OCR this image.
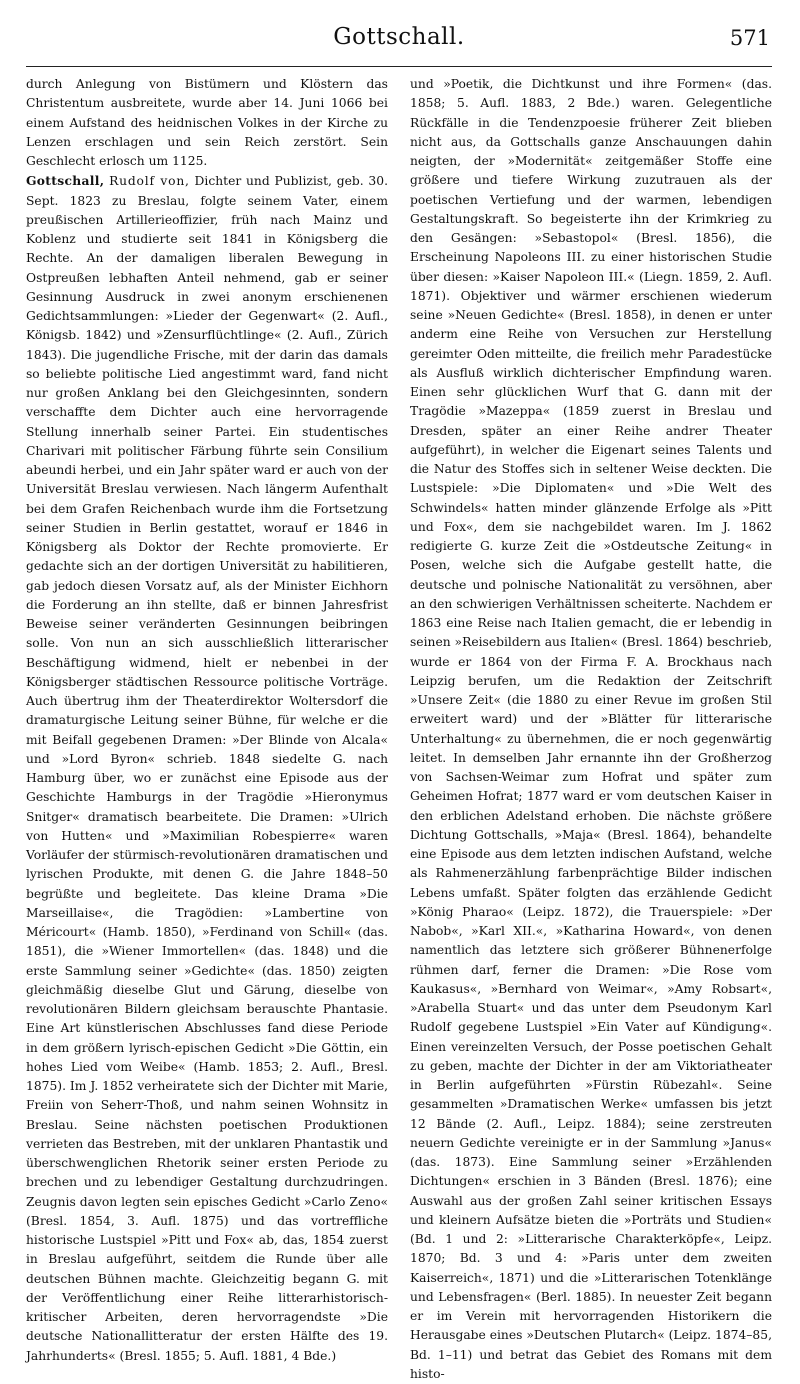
Gottschall.	571

durch Anlegung von Bistümern und Klöstern das Christentum ausbreitete, wurde aber 14. Juni 1066 bei einem Aufstand des heidnischen Volkes in der Kirche zu Lenzen erschlagen und sein Reich zerstört. Sein Geschlecht erlosch um 1125.

Gottschall, Rudolf von, Dichter und Publizist, geb. 30. Sept. 1823 zu Breslau, folgte seinem Vater, einem preußischen Artillerieoffizier, früh nach Mainz und Koblenz und studierte seit 1841 in Königsberg die Rechte. An der damaligen liberalen Bewegung in Ostpreußen lebhaften Anteil nehmend, gab er seiner Gesinnung Ausdruck in zwei anonym erschienenen Gedichtsammlungen: »Lieder der Gegenwart« (2. Aufl., Königsb. 1842) und »Zensurflüchtlinge« (2. Aufl., Zürich 1843). Die jugendliche Frische, mit der darin das damals so beliebte politische Lied angestimmt ward, fand nicht nur großen Anklang bei den Gleichgesinnten, sondern verschaffte dem Dichter auch eine hervorragende Stellung innerhalb seiner Partei. Ein studentisches Charivari mit politischer Färbung führte sein Consilium abeundi herbei, und ein Jahr später ward er auch von der Universität Breslau verwiesen. Nach längerm Aufenthalt bei dem Grafen Reichenbach wurde ihm die Fortsetzung seiner Studien in Berlin gestattet, worauf er 1846 in Königsberg als Doktor der Rechte promovierte. Er gedachte sich an der dortigen Universität zu habilitieren, gab jedoch diesen Vorsatz auf, als der Minister Eichhorn die Forderung an ihn stellte, daß er binnen Jahresfrist Beweise seiner veränderten Gesinnungen beibringen solle. Von nun an sich ausschließlich litterarischer Beschäftigung widmend, hielt er nebenbei in der Königsberger städtischen Ressource politische Vorträge. Auch übertrug ihm der Theaterdirektor Woltersdorf die dramaturgische Leitung seiner Bühne, für welche er die mit Beifall gegebenen Dramen: »Der Blinde von Alcala« und »Lord Byron« schrieb. 1848 siedelte G. nach Hamburg über, wo er zunächst eine Episode aus der Geschichte Hamburgs in der Tragödie »Hieronymus Snitger« dramatisch bearbeitete. Die Dramen: »Ulrich von Hutten« und »Maximilian Robespierre« waren Vorläufer der stürmisch-revolutionären dramatischen und lyrischen Produkte, mit denen G. die Jahre 1848–50 begrüßte und begleitete. Das kleine Drama »Die Marseillaise«, die Tragödien: »Lambertine von Méricourt« (Hamb. 1850), »Ferdinand von Schill« (das. 1851), die »Wiener Immortellen« (das. 1848) und die erste Sammlung seiner »Gedichte« (das. 1850) zeigten gleichmäßig dieselbe Glut und Gärung, dieselbe von revolutionären Bildern gleichsam berauschte Phantasie. Eine Art künstlerischen Abschlusses fand diese Periode in dem größern lyrisch-epischen Gedicht »Die Göttin, ein hohes Lied vom Weibe« (Hamb. 1853; 2. Aufl., Bresl. 1875). Im J. 1852 verheiratete sich der Dichter mit Marie, Freiin von Seherr-Thoß, und nahm seinen Wohnsitz in Breslau. Seine nächsten poetischen Produktionen verrieten das Bestreben, mit der unklaren Phantastik und überschwenglichen Rhetorik seiner ersten Periode zu brechen und zu lebendiger Gestaltung durchzudringen. Zeugnis davon legten sein episches Gedicht »Carlo Zeno« (Bresl. 1854, 3. Aufl. 1875) und das vortreffliche historische Lustspiel »Pitt und Fox« ab, das, 1854 zuerst in Breslau aufgeführt, seitdem die Runde über alle deutschen Bühnen machte. Gleichzeitig begann G. mit der Veröffentlichung einer Reihe litterarhistorisch-kritischer Arbeiten, deren hervorragendste »Die deutsche Nationallitteratur der ersten Hälfte des 19. Jahrhunderts« (Bresl. 1855; 5. Aufl. 1881, 4 Bde.)

und »Poetik, die Dichtkunst und ihre Formen« (das. 1858; 5. Aufl. 1883, 2 Bde.) waren. Gelegentliche Rückfälle in die Tendenzpoesie früherer Zeit blieben nicht aus, da Gottschalls ganze Anschauungen dahin neigten, der »Modernität« zeitgemäßer Stoffe eine größere und tiefere Wirkung zuzutrauen als der poetischen Vertiefung und der warmen, lebendigen Gestaltungskraft. So begeisterte ihn der Krimkrieg zu den Gesängen: »Sebastopol« (Bresl. 1856), die Erscheinung Napoleons III. zu einer historischen Studie über diesen: »Kaiser Napoleon III.« (Liegn. 1859, 2. Aufl. 1871). Objektiver und wärmer erschienen wiederum seine »Neuen Gedichte« (Bresl. 1858), in denen er unter anderm eine Reihe von Versuchen zur Herstellung gereimter Oden mitteilte, die freilich mehr Paradestücke als Ausfluß wirklich dichterischer Empfindung waren. Einen sehr glücklichen Wurf that G. dann mit der Tragödie »Mazeppa« (1859 zuerst in Breslau und Dresden, später an einer Reihe andrer Theater aufgeführt), in welcher die Eigenart seines Talents und die Natur des Stoffes sich in seltener Weise deckten. Die Lustspiele: »Die Diplomaten« und »Die Welt des Schwindels« hatten minder glänzende Erfolge als »Pitt und Fox«, dem sie nachgebildet waren. Im J. 1862 redigierte G. kurze Zeit die »Ostdeutsche Zeitung« in Posen, welche sich die Aufgabe gestellt hatte, die deutsche und polnische Nationalität zu versöhnen, aber an den schwierigen Verhältnissen scheiterte. Nachdem er 1863 eine Reise nach Italien gemacht, die er lebendig in seinen »Reisebildern aus Italien« (Bresl. 1864) beschrieb, wurde er 1864 von der Firma F. A. Brockhaus nach Leipzig berufen, um die Redaktion der Zeitschrift »Unsere Zeit« (die 1880 zu einer Revue im großen Stil erweitert ward) und der »Blätter für litterarische Unterhaltung« zu übernehmen, die er noch gegenwärtig leitet. In demselben Jahr ernannte ihn der Großherzog von Sachsen-Weimar zum Hofrat und später zum Geheimen Hofrat; 1877 ward er vom deutschen Kaiser in den erblichen Adelstand erhoben. Die nächste größere Dichtung Gottschalls, »Maja« (Bresl. 1864), behandelte eine Episode aus dem letzten indischen Aufstand, welche als Rahmenerzählung farbenprächtige Bilder indischen Lebens umfaßt. Später folgten das erzählende Gedicht »König Pharao« (Leipz. 1872), die Trauerspiele: »Der Nabob«, »Karl XII.«, »Katharina Howard«, von denen namentlich das letztere sich größerer Bühnenerfolge rühmen darf, ferner die Dramen: »Die Rose vom Kaukasus«, »Bernhard von Weimar«, »Amy Robsart«, »Arabella Stuart« und das unter dem Pseudonym Karl Rudolf gegebene Lustspiel »Ein Vater auf Kündigung«. Einen vereinzelten Versuch, der Posse poetischen Gehalt zu geben, machte der Dichter in der am Viktoriatheater in Berlin aufgeführten »Fürstin Rübezahl«. Seine gesammelten »Dramatischen Werke« umfassen bis jetzt 12 Bände (2. Aufl., Leipz. 1884); seine zerstreuten neuern Gedichte vereinigte er in der Sammlung »Janus« (das. 1873). Eine Sammlung seiner »Erzählenden Dichtungen« erschien in 3 Bänden (Bresl. 1876); eine Auswahl aus der großen Zahl seiner kritischen Essays und kleinern Aufsätze bieten die »Porträts und Studien« (Bd. 1 und 2: »Litterarische Charakterköpfe«, Leipz. 1870; Bd. 3 und 4: »Paris unter dem zweiten Kaiserreich«, 1871) und die »Litterarischen Totenklänge und Lebensfragen« (Berl. 1885). In neuester Zeit begann er im Verein mit hervorragenden Historikern die Herausgabe eines »Deutschen Plutarch« (Leipz. 1874–85, Bd. 1–11) und betrat das Gebiet des Romans mit dem histo-
